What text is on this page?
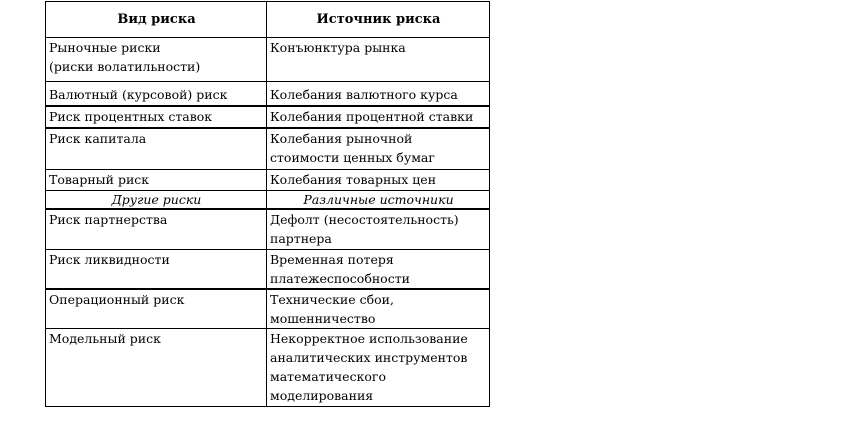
Вид риска	Источник риска

Рыночные риски
(риски волатильности)	Конъюнктура рынка

Валютный (курсовой) риск	Колебания валютного курса

Риск процентных ставок	Колебания процентной ставки

Риск капитала	Колебания рыночной
стоимости ценных бумаг

Товарный риск	Колебания товарных цен

Другие риски	Различные источники

Риск партнерства	Дефолт (несостоятельность)
партнера

Риск ликвидности	Временная потеря
платежеспособности

Операционный риск	Технические сбои,
мошенничество

Модельный риск	Некорректное использование
аналитических инструментов
математического
моделирования
